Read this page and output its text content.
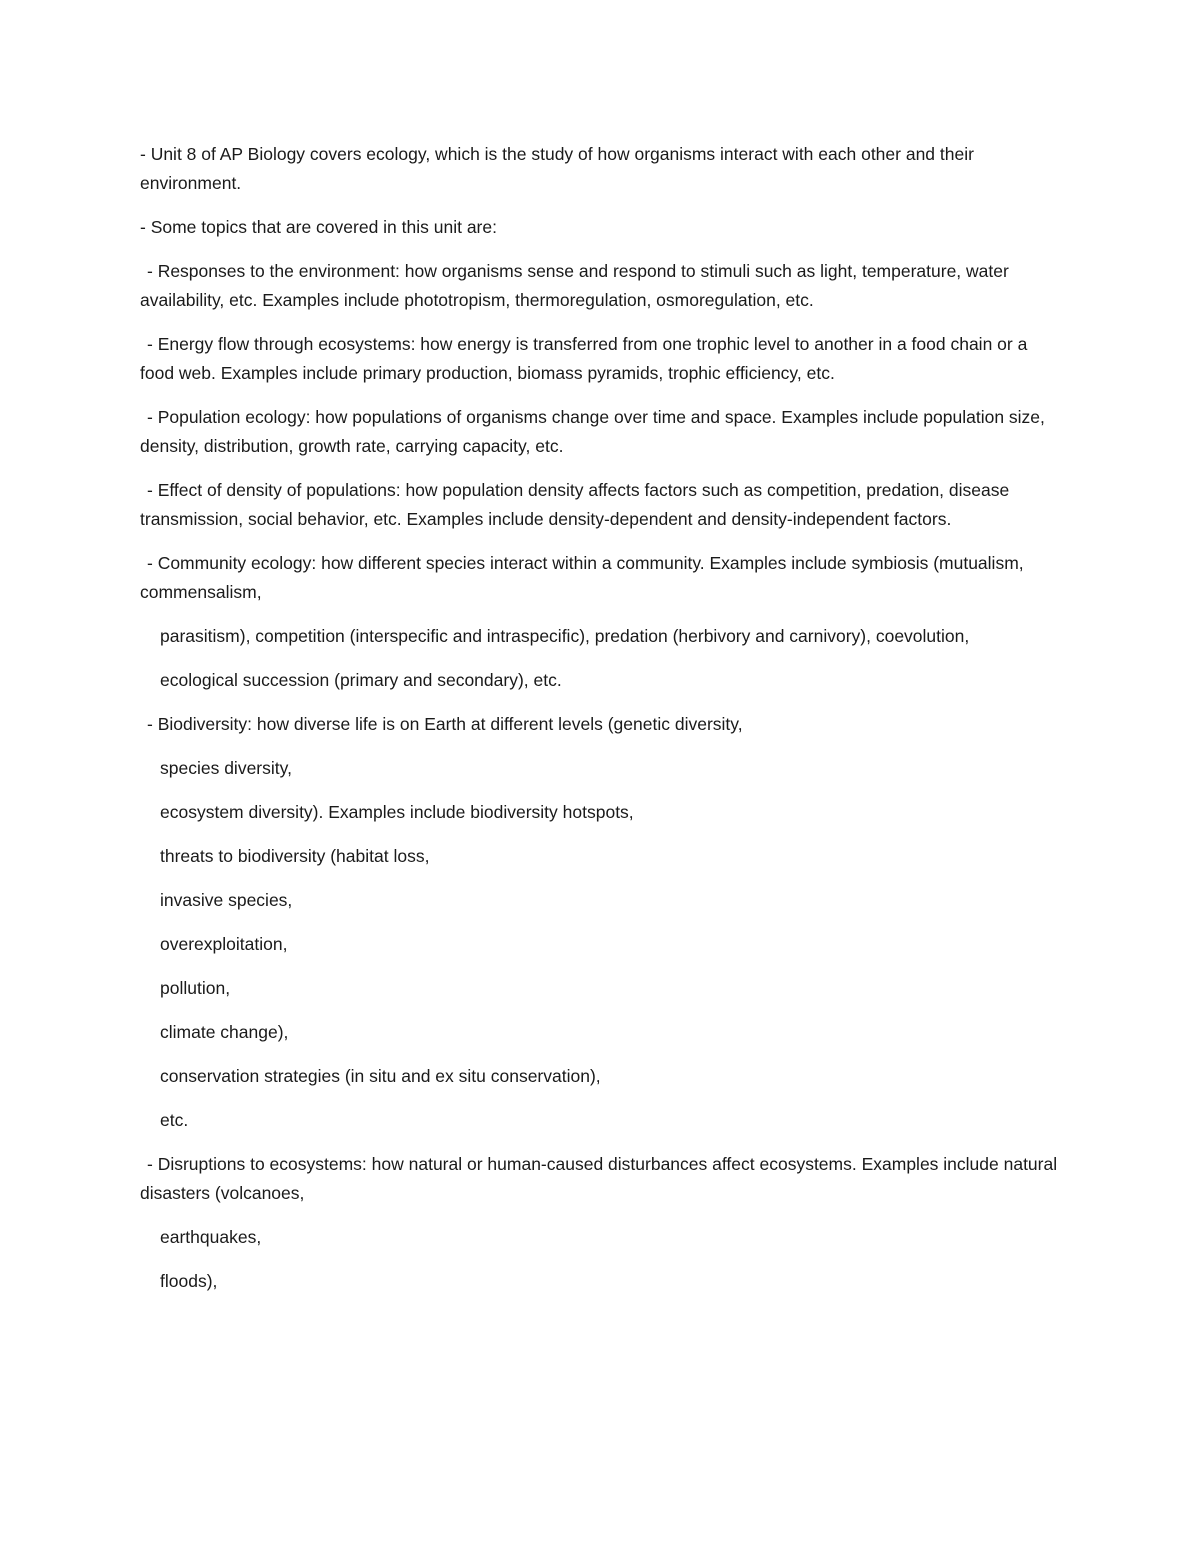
- Unit 8 of AP Biology covers ecology, which is the study of how organisms interact with each other and their environment.

- Some topics that are covered in this unit are:

- Responses to the environment: how organisms sense and respond to stimuli such as light, temperature, water availability, etc. Examples include phototropism, thermoregulation, osmoregulation, etc.

- Energy flow through ecosystems: how energy is transferred from one trophic level to another in a food chain or a food web. Examples include primary production, biomass pyramids, trophic efficiency, etc.

- Population ecology: how populations of organisms change over time and space. Examples include population size, density, distribution, growth rate, carrying capacity, etc.

- Effect of density of populations: how population density affects factors such as competition, predation, disease transmission, social behavior, etc. Examples include density-dependent and density-independent factors.

- Community ecology: how different species interact within a community. Examples include symbiosis (mutualism, commensalism,

parasitism), competition (interspecific and intraspecific), predation (herbivory and carnivory), coevolution,

ecological succession (primary and secondary), etc.

- Biodiversity: how diverse life is on Earth at different levels (genetic diversity,

species diversity,

ecosystem diversity). Examples include biodiversity hotspots,

threats to biodiversity (habitat loss,

invasive species,

overexploitation,

pollution,

climate change),

conservation strategies (in situ and ex situ conservation),

etc.

- Disruptions to ecosystems: how natural or human-caused disturbances affect ecosystems. Examples include natural disasters (volcanoes,

earthquakes,

floods),
